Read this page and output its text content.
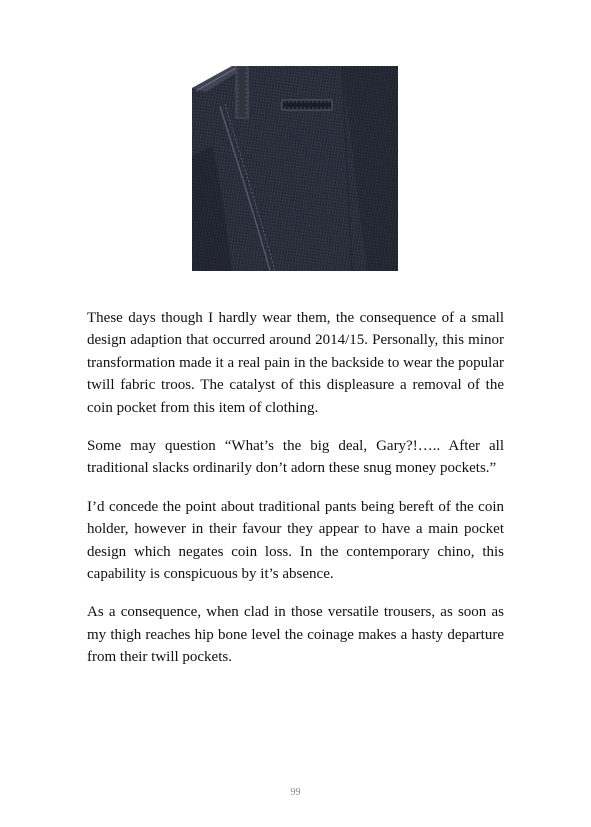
These days though I hardly wear them, the consequence of a small design adaption that occurred around 2014/15. Personally, this minor transformation made it a real pain in the backside to wear the popular twill fabric troos. The catalyst of this displeasure a removal of the coin pocket from this item of clothing.

Some may question “What’s the big deal, Gary?!….. After all traditional slacks ordinarily don’t adorn these snug money pockets.”

I’d concede the point about traditional pants being bereft of the coin holder, however in their favour they appear to have a main pocket design which negates coin loss. In the contemporary chino, this capability is conspicuous by it’s absence.

As a consequence, when clad in those versatile trousers, as soon as my thigh reaches hip bone level the coinage makes a hasty departure from their twill pockets.

99
